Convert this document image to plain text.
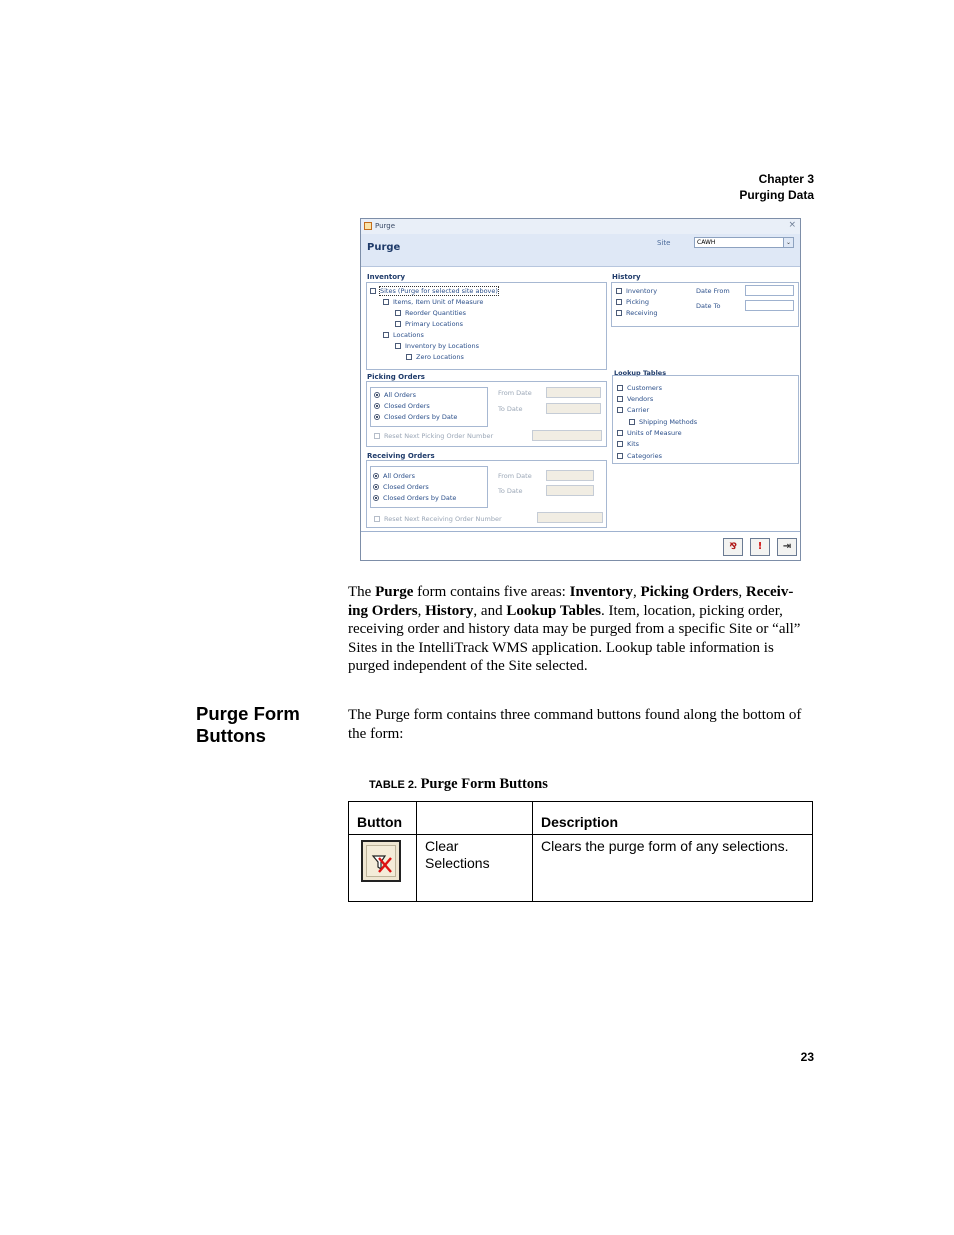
Chapter 3
Purging Data
Purge	×
Purge	Site	CAWH	⌄
Inventory
Sites (Purge for selected site above)
Items, Item Unit of Measure
Reorder Quantities
Primary Locations
Locations
Inventory by Locations
Zero Locations
History
Inventory
Picking
Receiving
Date From
Date To
Picking Orders
All Orders
Closed Orders
Closed Orders by Date
From Date
To Date
Reset Next Picking Order Number
Receiving Orders
All Orders
Closed Orders
Closed Orders by Date
From Date
To Date
Reset Next Receiving Order Number
Lookup Tables
Customers
Vendors
Carrier
Shipping Methods
Units of Measure
Kits
Categories
⅋	!	⇥
The Purge form contains five areas: Inventory, Picking Orders, Receiv-ing Orders, History, and Lookup Tables. Item, location, picking order, receiving order and history data may be purged from a specific Site or “all” Sites in the IntelliTrack WMS application. Lookup table information is purged independent of the Site selected.
Purge Form Buttons
The Purge form contains three command buttons found along the bottom of the form:
TABLE 2. Purge Form Buttons
Button		Description

	Clear Selections	Clears the purge form of any selections.
23
